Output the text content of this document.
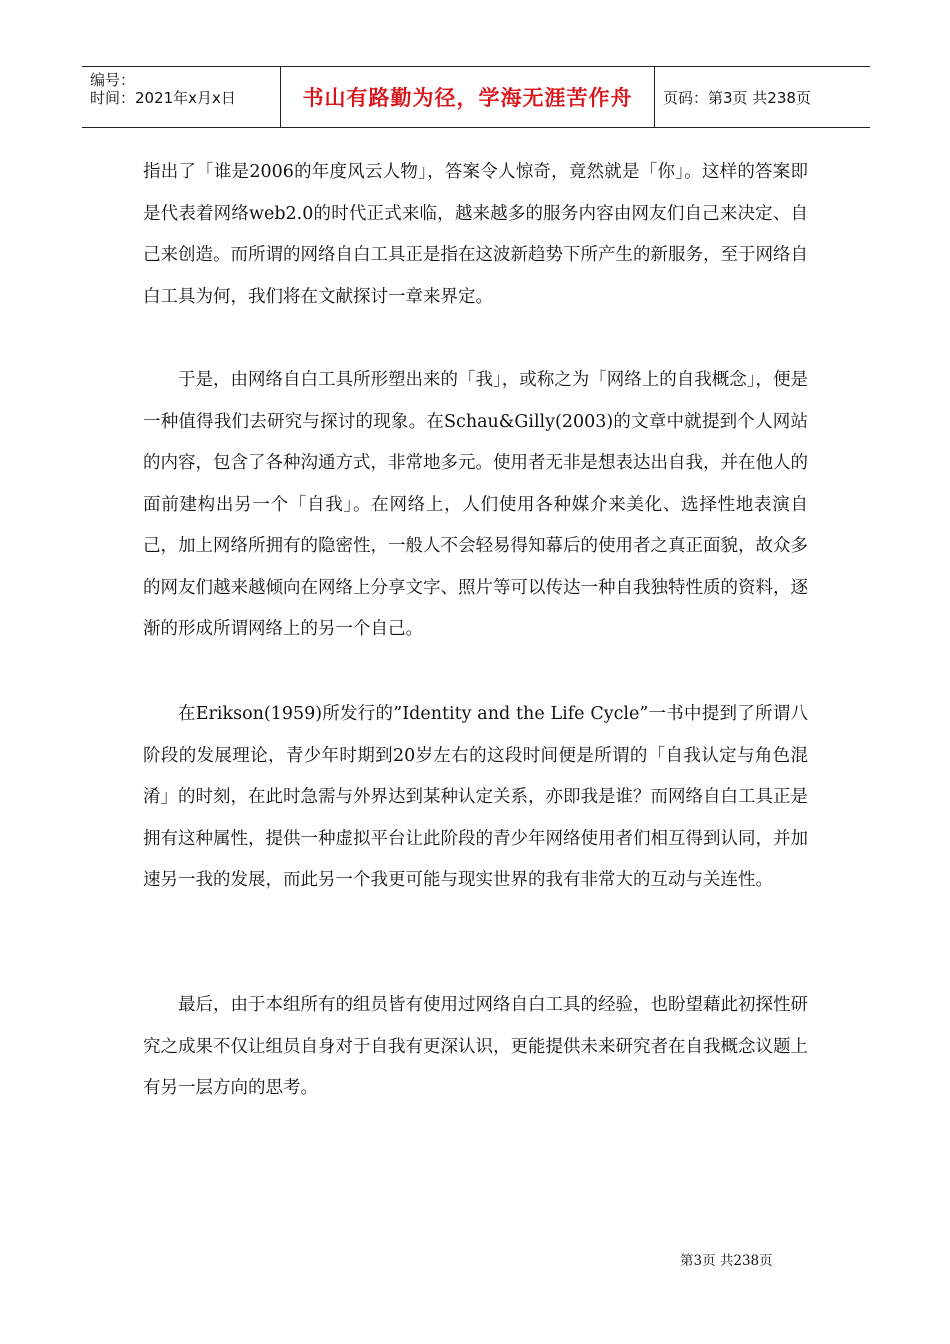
编号：
时间：2021年x月x日	书山有路勤为径，学海无涯苦作舟	页码：第3页 共238页

指出了「谁是2006的年度风云人物」，答案令人惊奇，竟然就是「你」。这样的答案即是代表着网络web2.0的时代正式来临，越来越多的服务内容由网友们自己来决定、自己来创造。而所谓的网络自白工具正是指在这波新趋势下所产生的新服务，至于网络自白工具为何，我们将在文献探讨一章来界定。

于是，由网络自白工具所形塑出来的「我」，或称之为「网络上的自我概念」，便是一种值得我们去研究与探讨的现象。在Schau&Gilly(2003)的文章中就提到个人网站的内容，包含了各种沟通方式，非常地多元。使用者无非是想表达出自我，并在他人的面前建构出另一个「自我」。在网络上，人们使用各种媒介来美化、选择性地表演自己，加上网络所拥有的隐密性，一般人不会轻易得知幕后的使用者之真正面貌，故众多的网友们越来越倾向在网络上分享文字、照片等可以传达一种自我独特性质的资料，逐渐的形成所谓网络上的另一个自己。

在Erikson(1959)所发行的”Identity and the Life Cycle”一书中提到了所谓八阶段的发展理论，青少年时期到20岁左右的这段时间便是所谓的「自我认定与角色混淆」的时刻，在此时急需与外界达到某种认定关系，亦即我是谁？而网络自白工具正是拥有这种属性，提供一种虚拟平台让此阶段的青少年网络使用者们相互得到认同，并加速另一我的发展，而此另一个我更可能与现实世界的我有非常大的互动与关连性。

最后，由于本组所有的组员皆有使用过网络自白工具的经验，也盼望藉此初探性研究之成果不仅让组员自身对于自我有更深认识，更能提供未来研究者在自我概念议题上有另一层方向的思考。

第3页 共238页
